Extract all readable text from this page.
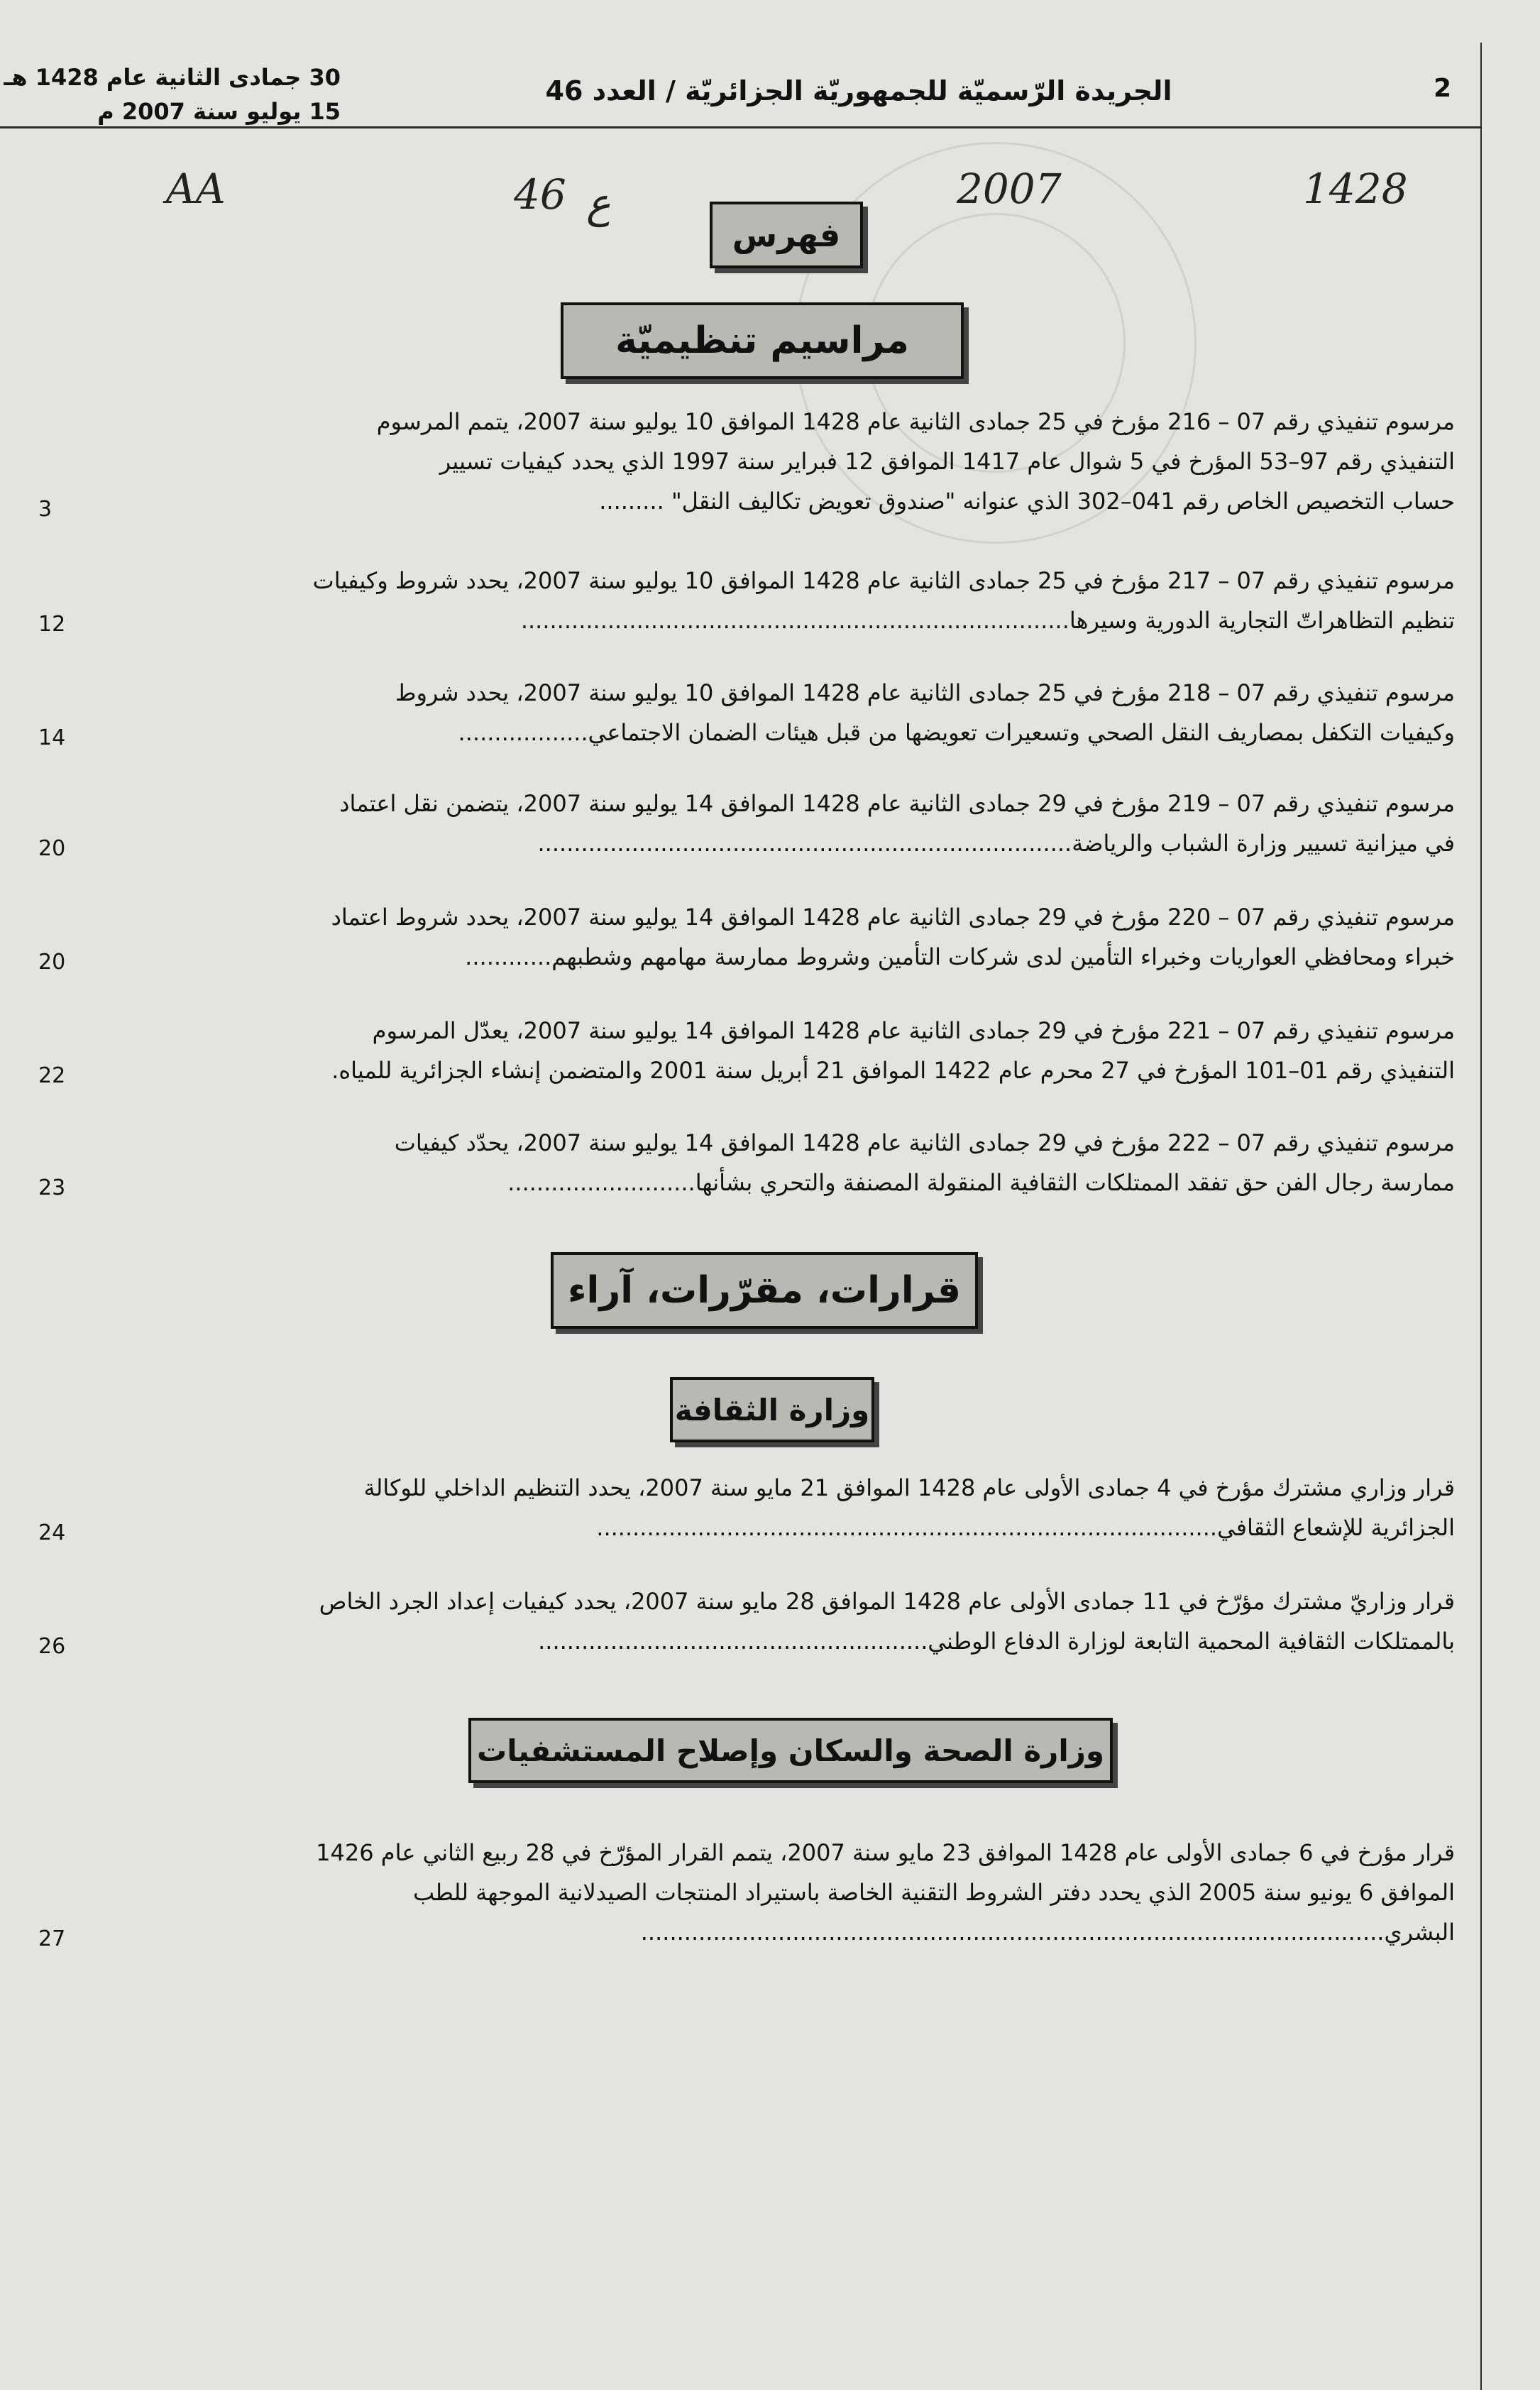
2
الجريدة الرّسميّة للجمهوريّة الجزائريّة / العدد 46
30 جمادى الثانية عام 1428 هـ
15 يوليو سنة 2007 م
AA	46 ع	2007	1428
فهرس
مراسيم تنظيميّة
مرسوم تنفيذي رقم 07 – 216 مؤرخ في 25 جمادى الثانية عام 1428 الموافق 10 يوليو سنة 2007، يتمم المرسوم
التنفيذي رقم 97–53 المؤرخ في 5 شوال عام 1417 الموافق 12 فبراير سنة 1997 الذي يحدد كيفيات تسيير
حساب التخصيص الخاص رقم 041–302 الذي عنوانه "صندوق تعويض تكاليف النقل" .........
3
مرسوم تنفيذي رقم 07 – 217 مؤرخ في 25 جمادى الثانية عام 1428 الموافق 10 يوليو سنة 2007، يحدد شروط وكيفيات
تنظيم التظاهراتّ التجارية الدورية وسيرها............................................................................
12
مرسوم تنفيذي رقم 07 – 218 مؤرخ في 25 جمادى الثانية عام 1428 الموافق 10 يوليو سنة 2007، يحدد شروط
وكيفيات التكفل بمصاريف النقل الصحي وتسعيرات تعويضها من قبل هيئات الضمان الاجتماعي..................
14
مرسوم تنفيذي رقم 07 – 219 مؤرخ في 29 جمادى الثانية عام 1428 الموافق 14 يوليو سنة 2007، يتضمن نقل اعتماد
في ميزانية تسيير وزارة الشباب والرياضة..........................................................................
20
مرسوم تنفيذي رقم 07 – 220 مؤرخ في 29 جمادى الثانية عام 1428 الموافق 14 يوليو سنة 2007، يحدد شروط اعتماد
خبراء ومحافظي العواريات وخبراء التأمين لدى شركات التأمين وشروط ممارسة مهامهم وشطبهم............
20
مرسوم تنفيذي رقم 07 – 221 مؤرخ في 29 جمادى الثانية عام 1428 الموافق 14 يوليو سنة 2007، يعدّل المرسوم
التنفيذي رقم 01–101 المؤرخ في 27 محرم عام 1422 الموافق 21 أبريل سنة 2001 والمتضمن إنشاء الجزائرية للمياه.
22
مرسوم تنفيذي رقم 07 – 222 مؤرخ في 29 جمادى الثانية عام 1428 الموافق 14 يوليو سنة 2007، يحدّد كيفيات
ممارسة رجال الفن حق تفقد الممتلكات الثقافية المنقولة المصنفة والتحري بشأنها..........................
23
قرارات، مقرّرات، آراء
وزارة الثقافة
قرار وزاري مشترك مؤرخ في 4 جمادى الأولى عام 1428 الموافق 21 مايو سنة 2007، يحدد التنظيم الداخلي للوكالة
الجزائرية للإشعاع الثقافي......................................................................................
24
قرار وزاريّ مشترك مؤرّخ في 11 جمادى الأولى عام 1428 الموافق 28 مايو سنة 2007، يحدد كيفيات إعداد الجرد الخاص
بالممتلكات الثقافية المحمية التابعة لوزارة الدفاع الوطني......................................................
26
وزارة الصحة والسكان وإصلاح المستشفيات
قرار مؤرخ في 6 جمادى الأولى عام 1428 الموافق 23 مايو سنة 2007، يتمم القرار المؤرّخ في 28 ربيع الثاني عام 1426
الموافق 6 يونيو سنة 2005 الذي يحدد دفتر الشروط التقنية الخاصة باستيراد المنتجات الصيدلانية الموجهة للطب
البشري.......................................................................................................
27
